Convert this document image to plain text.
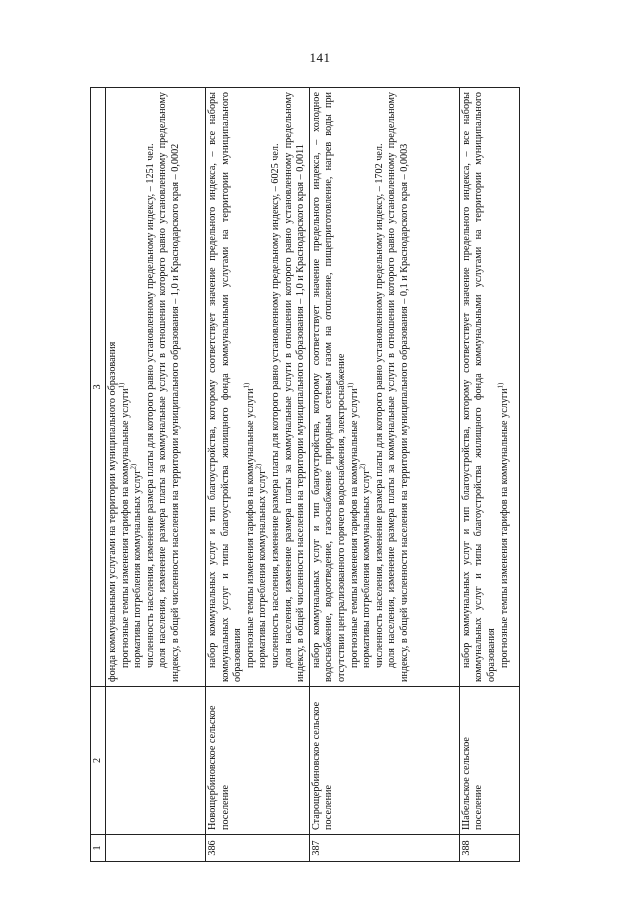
141
1	2	3

		фонда коммунальными услугами на территории муниципального образования прогнозные темпы изменения тарифов на коммунальные услуги$^{1)}$
нормативы потребления коммунальных услуг$^{2)}$ численность населения, изменение размера платы для которого равно установленному предельному индексу, – 1251 чел. доля населения, изменение размера платы за коммунальные услуги в отношении которого равно установленному предельному индексу, в общей численности населения на территории муниципального образования – 1,0 и Краснодарского края – 0,0002

386	Новощербиновское сельское поселение	набор коммунальных услуг и тип благоустройства, которому соответствует значение предельного индекса, – все наборы коммунальных услуг и типы благоустройства жилищного фонда коммунальными услугами на территории муниципального образования прогнозные темпы изменения тарифов на коммунальные услуги$^{1)}$
нормативы потребления коммунальных услуг$^{2)}$ численность населения, изменение размера платы для которого равно установленному предельному индексу, – 6025 чел. доля населения, изменение размера платы за коммунальные услуги в отношении которого равно установленному предельному индексу, в общей численности населения на территории муниципального образования – 1,0 и Краснодарского края – 0,0011

387	Старощербиновское сельское поселение	набор коммунальных услуг и тип благоустройства, которому соответствует значение предельного индекса, – холодное водоснабжение, водоотведение, газоснабжение природным сетевым газом на отопление, пищеприготовление, нагрев воды при отсутствии централизованного горячего водоснабжения, электроснабжение прогнозные темпы изменения тарифов на коммунальные услуги$^{1)}$
нормативы потребления коммунальных услуг$^{2)}$ численность населения, изменение размера платы для которого равно установленному предельному индексу, – 1702 чел. доля населения, изменение размера платы за коммунальные услуги в отношении которого равно установленному предельному индексу, в общей численности населения на территории муниципального образования – 0,1 и Краснодарского края – 0,0003

388	Шабельское сельское поселение	набор коммунальных услуг и тип благоустройства, которому соответствует значение предельного индекса, – все наборы коммунальных услуг и типы благоустройства жилищного фонда коммунальными услугами на территории муниципального образования прогнозные темпы изменения тарифов на коммунальные услуги$^{1)}$
